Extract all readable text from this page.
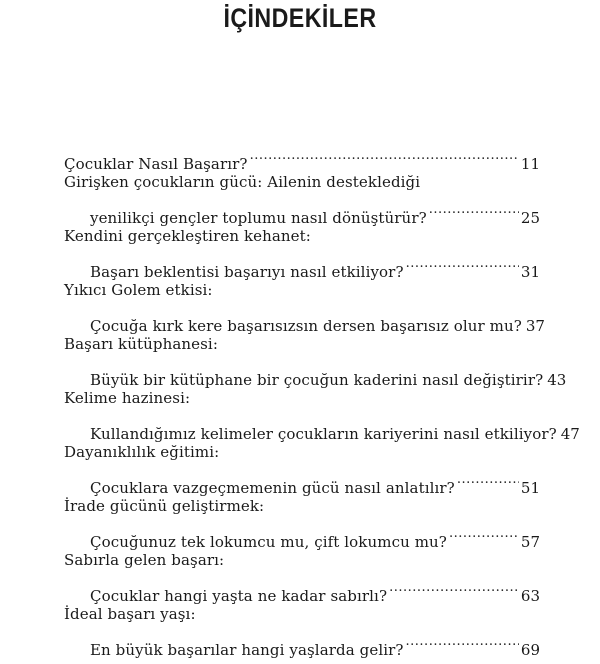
İÇİNDEKİLER
Çocuklar Nasıl Başarır? .....	11
Girişken çocukların gücü: Ailenin desteklediği
yenilikçi gençler toplumu nasıl dönüştürür? .....	25
Kendini gerçekleştiren kehanet:
Başarı beklentisi başarıyı nasıl etkiliyor? .....	31
Yıkıcı Golem etkisi:
Çocuğa kırk kere başarısızsın dersen başarısız olur mu? 37
Başarı kütüphanesi:
Büyük bir kütüphane bir çocuğun kaderini nasıl değiştirir? 43
Kelime hazinesi:
Kullandığımız kelimeler çocukların kariyerini nasıl etkiliyor? 47
Dayanıklılık eğitimi:
Çocuklara vazgeçmemenin gücü nasıl anlatılır? .....	51
İrade gücünü geliştirmek:
Çocuğunuz tek lokumcu mu, çift lokumcu mu? .....	57
Sabırla gelen başarı:
Çocuklar hangi yaşta ne kadar sabırlı? .....	63
İdeal başarı yaşı:
En büyük başarılar hangi yaşlarda gelir? .....	69
